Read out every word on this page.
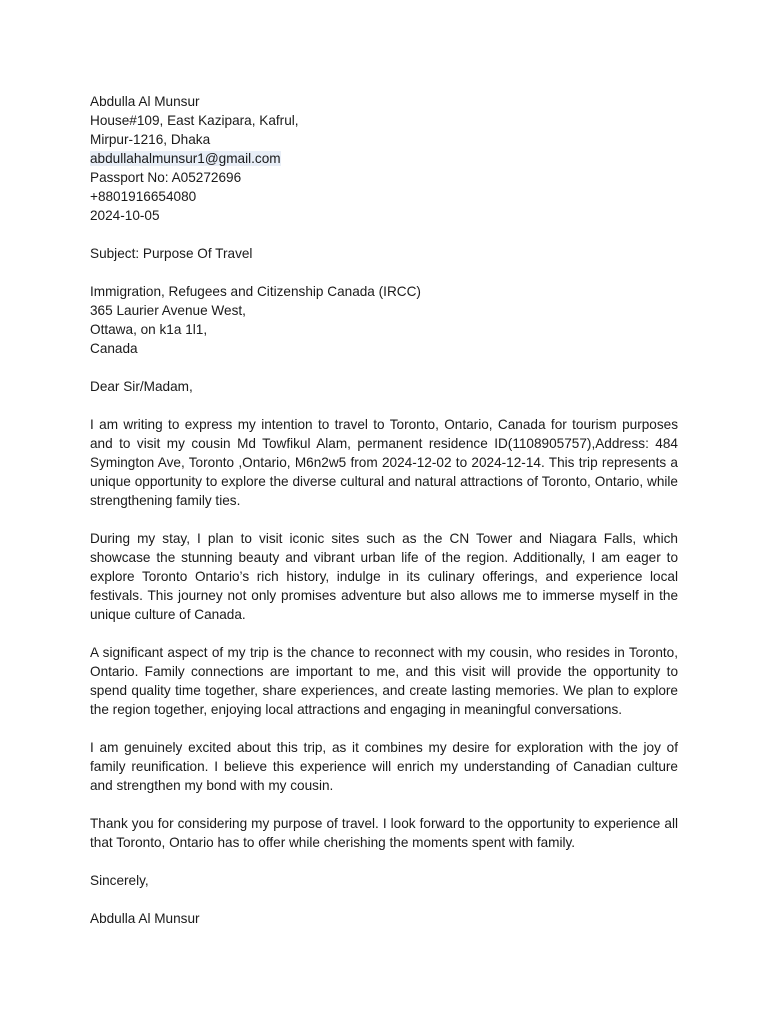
Abdulla Al Munsur
House#109, East Kazipara, Kafrul,
Mirpur-1216, Dhaka
abdullahalmunsur1@gmail.com
Passport No: A05272696
+8801916654080
2024-10-05
Subject: Purpose Of Travel
Immigration, Refugees and Citizenship Canada (IRCC)
365 Laurier Avenue West,
Ottawa, on k1a 1l1,
Canada
Dear Sir/Madam,

I am writing to express my intention to travel to Toronto, Ontario, Canada for tourism purposes and to visit my cousin Md Towfikul Alam, permanent residence ID(1108905757),Address: 484 Symington Ave, Toronto ,Ontario, M6n2w5 from 2024-12-02 to 2024-12-14. This trip represents a unique opportunity to explore the diverse cultural and natural attractions of Toronto, Ontario, while strengthening family ties.

During my stay, I plan to visit iconic sites such as the CN Tower and Niagara Falls, which showcase the stunning beauty and vibrant urban life of the region. Additionally, I am eager to explore Toronto Ontario’s rich history, indulge in its culinary offerings, and experience local festivals. This journey not only promises adventure but also allows me to immerse myself in the unique culture of Canada.

A significant aspect of my trip is the chance to reconnect with my cousin, who resides in Toronto, Ontario. Family connections are important to me, and this visit will provide the opportunity to spend quality time together, share experiences, and create lasting memories. We plan to explore the region together, enjoying local attractions and engaging in meaningful conversations.

I am genuinely excited about this trip, as it combines my desire for exploration with the joy of family reunification. I believe this experience will enrich my understanding of Canadian culture and strengthen my bond with my cousin.

Thank you for considering my purpose of travel. I look forward to the opportunity to experience all that Toronto, Ontario has to offer while cherishing the moments spent with family.

Sincerely,
Abdulla Al Munsur
